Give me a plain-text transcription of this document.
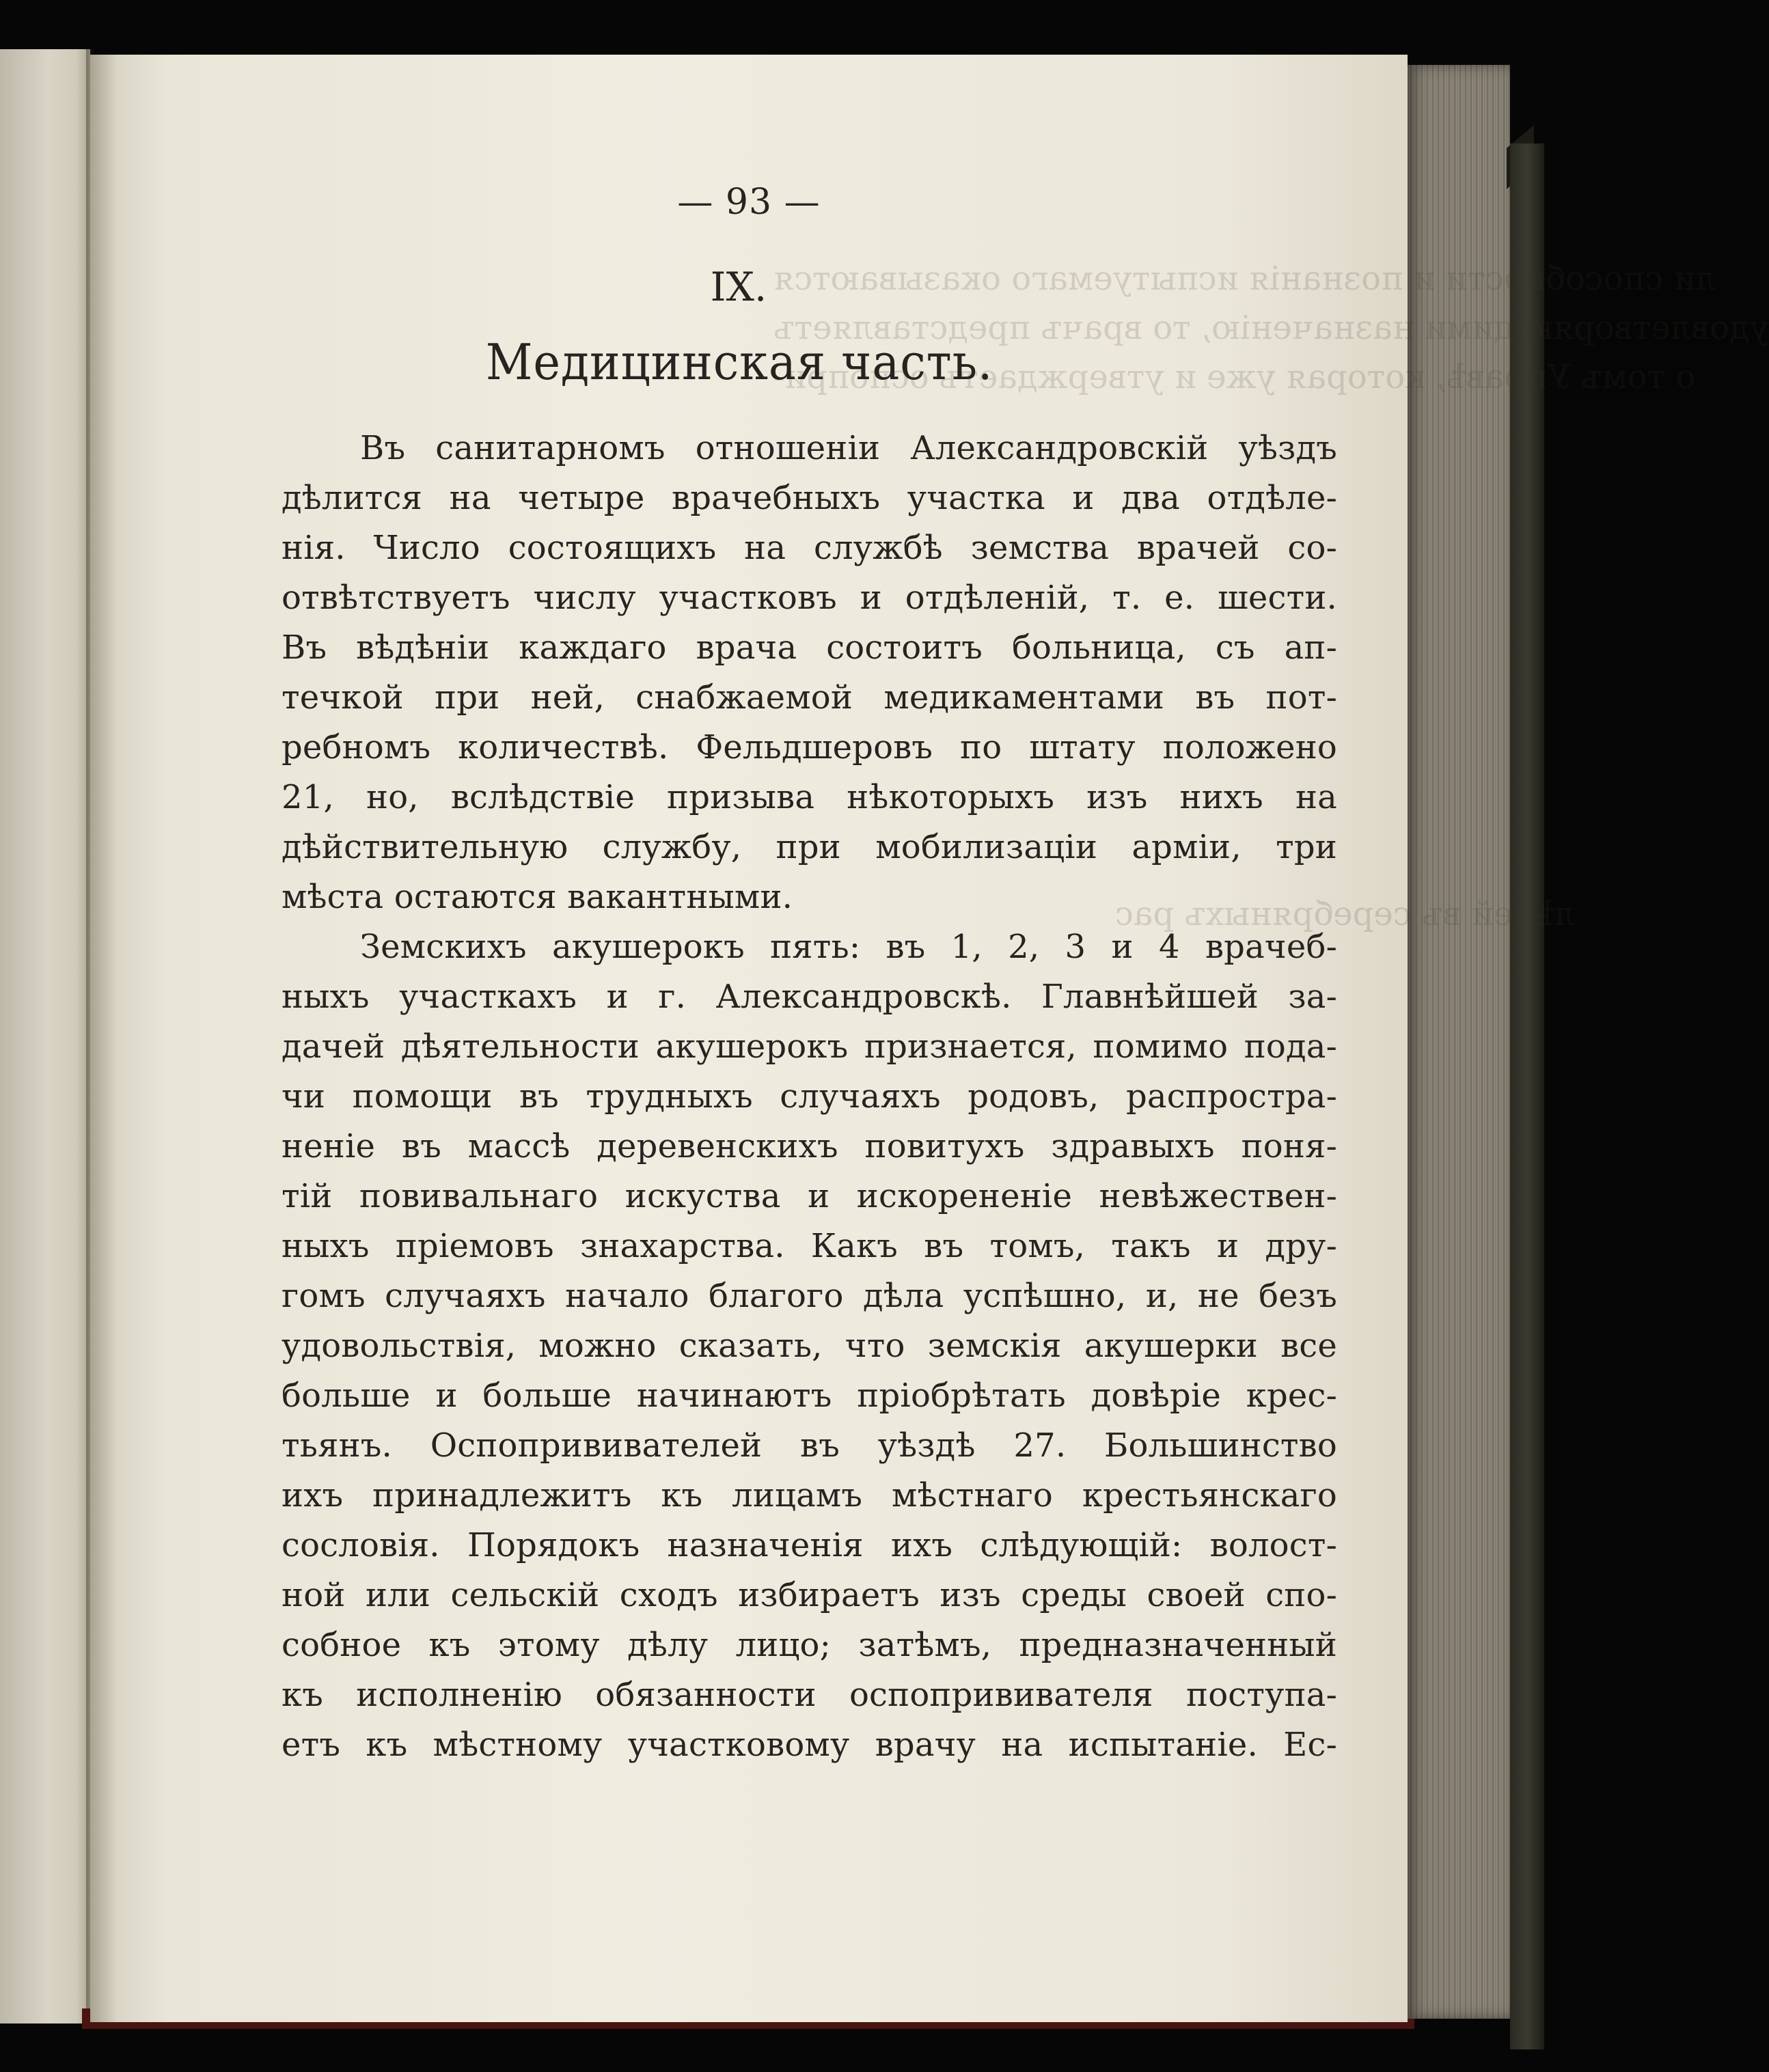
ли способности и познанія испытуемаго оказываются
удовлетворяющими назначенію, то врачъ представляетъ
о томъ Управѣ, которая уже и утверждаетъ оспопри-
лѣней въ серебряныхъ рас
— 93 —
IX.
Медицинская часть.
Въ санитарномъ отношеніи Александровскій уѣздъ
дѣлится на четыре врачебныхъ участка и два отдѣле-
нія. Число состоящихъ на службѣ земства врачей со-
отвѣтствуетъ числу участковъ и отдѣленій, т. е. шести.
Въ вѣдѣніи каждаго врача состоитъ больница, съ ап-
течкой при ней, снабжаемой медикаментами въ пот-
ребномъ количествѣ. Фельдшеровъ по штату положено
21, но, вслѣдствіе призыва нѣкоторыхъ изъ нихъ на
дѣйствительную службу, при мобилизаціи арміи, три
мѣста остаются вакантными.
Земскихъ акушерокъ пять: въ 1, 2, 3 и 4 врачеб-
ныхъ участкахъ и г. Александровскѣ. Главнѣйшей за-
дачей дѣятельности акушерокъ признается, помимо пода-
чи помощи въ трудныхъ случаяхъ родовъ, распростра-
неніе въ массѣ деревенскихъ повитухъ здравыхъ поня-
тій повивальнаго искуства и искорененіе невѣжествен-
ныхъ пріемовъ знахарства. Какъ въ томъ, такъ и дру-
гомъ случаяхъ начало благого дѣла успѣшно, и, не безъ
удовольствія, можно сказать, что земскія акушерки все
больше и больше начинаютъ пріобрѣтать довѣріе крес-
тьянъ. Оспопрививателей въ уѣздѣ 27. Большинство
ихъ принадлежитъ къ лицамъ мѣстнаго крестьянскаго
сословія. Порядокъ назначенія ихъ слѣдующій: волост-
ной или сельскій сходъ избираетъ изъ среды своей спо-
собное къ этому дѣлу лицо; затѣмъ, предназначенный
къ исполненію обязанности оспопрививателя поступа-
етъ къ мѣстному участковому врачу на испытаніе. Ес-
